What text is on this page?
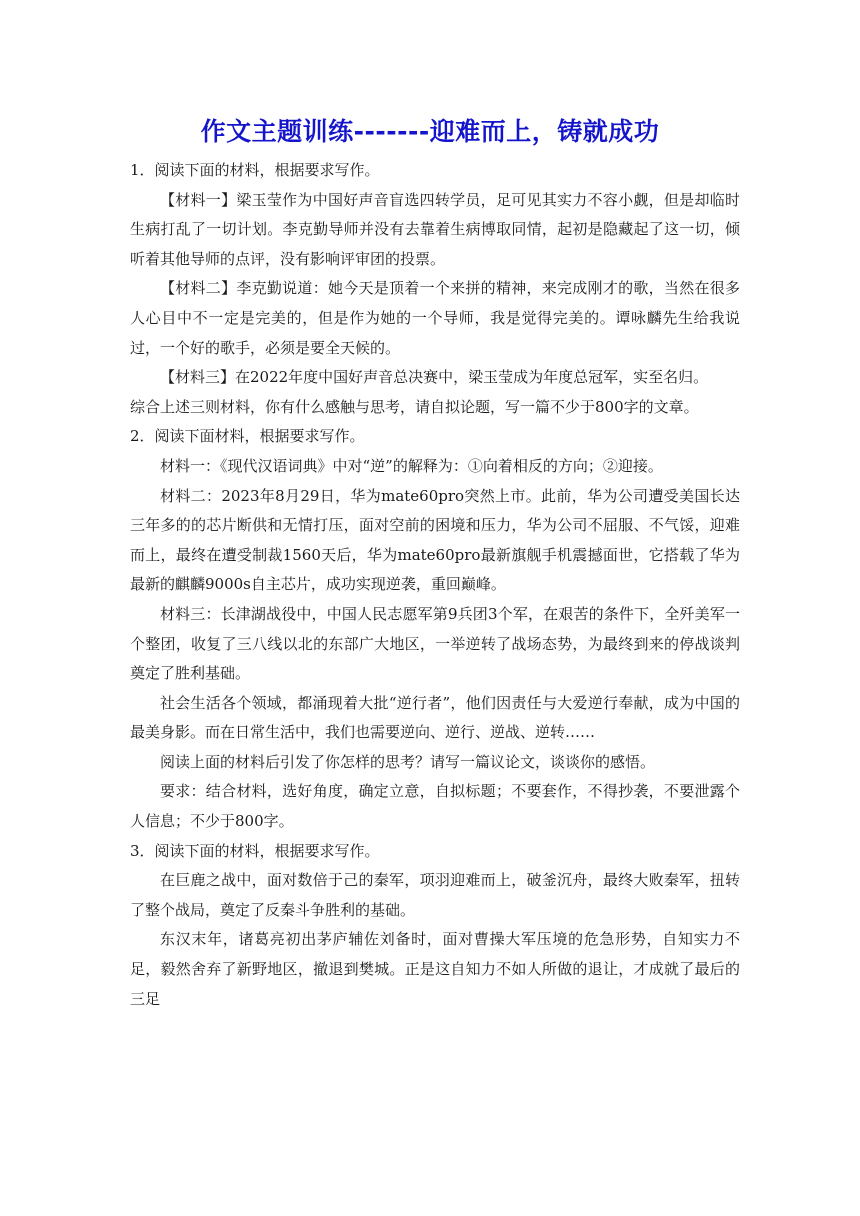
作文主题训练-------迎难而上，铸就成功

1．阅读下面的材料，根据要求写作。

【材料一】梁玉莹作为中国好声音盲选四转学员，足可见其实力不容小觑，但是却临时生病打乱了一切计划。李克勤导师并没有去靠着生病博取同情，起初是隐藏起了这一切，倾听着其他导师的点评，没有影响评审团的投票。

【材料二】李克勤说道：她今天是顶着一个来拼的精神，来完成刚才的歌，当然在很多人心目中不一定是完美的，但是作为她的一个导师，我是觉得完美的。谭咏麟先生给我说过，一个好的歌手，必须是要全天候的。

【材料三】在2022年度中国好声音总决赛中，梁玉莹成为年度总冠军，实至名归。

综合上述三则材料，你有什么感触与思考，请自拟论题，写一篇不少于800字的文章。

2．阅读下面材料，根据要求写作。

材料一：《现代汉语词典》中对“逆”的解释为：①向着相反的方向；②迎接。

材料二：2023年8月29日，华为mate60pro突然上市。此前，华为公司遭受美国长达三年多的的芯片断供和无情打压，面对空前的困境和压力，华为公司不屈服、不气馁，迎难而上，最终在遭受制裁1560天后，华为mate60pro最新旗舰手机震撼面世，它搭载了华为最新的麒麟9000s自主芯片，成功实现逆袭，重回巅峰。

材料三：长津湖战役中，中国人民志愿军第9兵团3个军，在艰苦的条件下，全歼美军一个整团，收复了三八线以北的东部广大地区，一举逆转了战场态势，为最终到来的停战谈判奠定了胜利基础。

社会生活各个领域，都涌现着大批“逆行者”，他们因责任与大爱逆行奉献，成为中国的最美身影。而在日常生活中，我们也需要逆向、逆行、逆战、逆转……

阅读上面的材料后引发了你怎样的思考？请写一篇议论文，谈谈你的感悟。

要求：结合材料，选好角度，确定立意，自拟标题；不要套作，不得抄袭，不要泄露个人信息；不少于800字。

3．阅读下面的材料，根据要求写作。

在巨鹿之战中，面对数倍于己的秦军，项羽迎难而上，破釜沉舟，最终大败秦军，扭转了整个战局，奠定了反秦斗争胜利的基础。

东汉末年，诸葛亮初出茅庐辅佐刘备时，面对曹操大军压境的危急形势，自知实力不足，毅然舍弃了新野地区，撤退到樊城。正是这自知力不如人所做的退让，才成就了最后的三足
